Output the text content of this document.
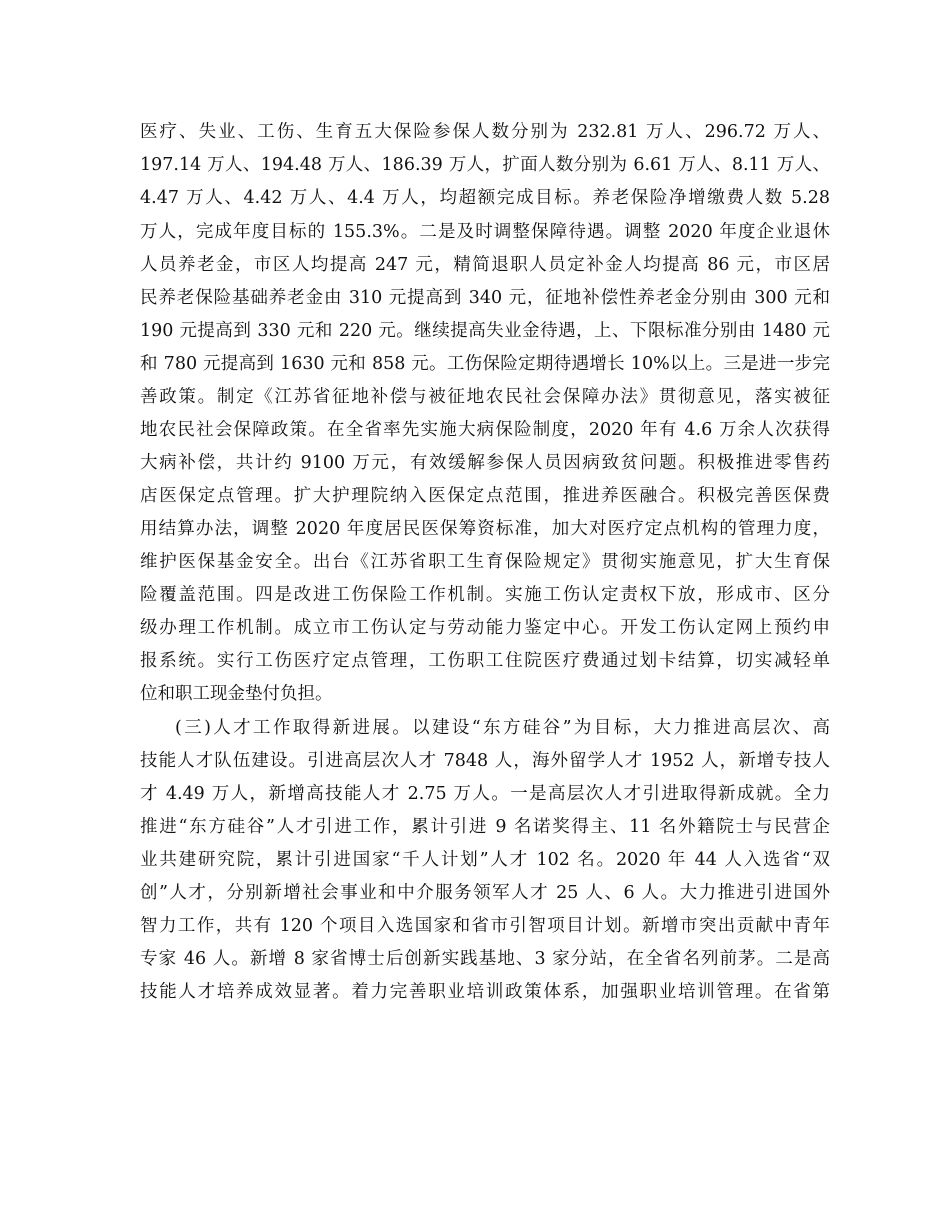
医疗、失业、工伤、生育五大保险参保人数分别为 232.81 万人、296.72 万人、
197.14 万人、194.48 万人、186.39 万人，扩面人数分别为 6.61 万人、8.11 万人、
4.47 万人、4.42 万人、4.4 万人，均超额完成目标。养老保险净增缴费人数 5.28
万人，完成年度目标的 155.3%。二是及时调整保障待遇。调整 2020 年度企业退休
人员养老金，市区人均提高 247 元，精简退职人员定补金人均提高 86 元，市区居
民养老保险基础养老金由 310 元提高到 340 元，征地补偿性养老金分别由 300 元和
190 元提高到 330 元和 220 元。继续提高失业金待遇，上、下限标准分别由 1480 元
和 780 元提高到 1630 元和 858 元。工伤保险定期待遇增长 10%以上。三是进一步完
善政策。制定《江苏省征地补偿与被征地农民社会保障办法》贯彻意见，落实被征
地农民社会保障政策。在全省率先实施大病保险制度，2020 年有 4.6 万余人次获得
大病补偿，共计约 9100 万元，有效缓解参保人员因病致贫问题。积极推进零售药
店医保定点管理。扩大护理院纳入医保定点范围，推进养医融合。积极完善医保费
用结算办法，调整 2020 年度居民医保筹资标准，加大对医疗定点机构的管理力度，
维护医保基金安全。出台《江苏省职工生育保险规定》贯彻实施意见，扩大生育保
险覆盖范围。四是改进工伤保险工作机制。实施工伤认定责权下放，形成市、区分
级办理工作机制。成立市工伤认定与劳动能力鉴定中心。开发工伤认定网上预约申
报系统。实行工伤医疗定点管理，工伤职工住院医疗费通过划卡结算，切实减轻单
位和职工现金垫付负担。
(三)人才工作取得新进展。以建设“东方硅谷”为目标，大力推进高层次、高
技能人才队伍建设。引进高层次人才 7848 人，海外留学人才 1952 人，新增专技人
才 4.49 万人，新增高技能人才 2.75 万人。一是高层次人才引进取得新成就。全力
推进“东方硅谷”人才引进工作，累计引进 9 名诺奖得主、11 名外籍院士与民营企
业共建研究院，累计引进国家“千人计划”人才 102 名。2020 年 44 人入选省“双
创”人才，分别新增社会事业和中介服务领军人才 25 人、6 人。大力推进引进国外
智力工作，共有 120 个项目入选国家和省市引智项目计划。新增市突出贡献中青年
专家 46 人。新增 8 家省博士后创新实践基地、3 家分站，在全省名列前茅。二是高
技能人才培养成效显著。着力完善职业培训政策体系，加强职业培训管理。在省第
